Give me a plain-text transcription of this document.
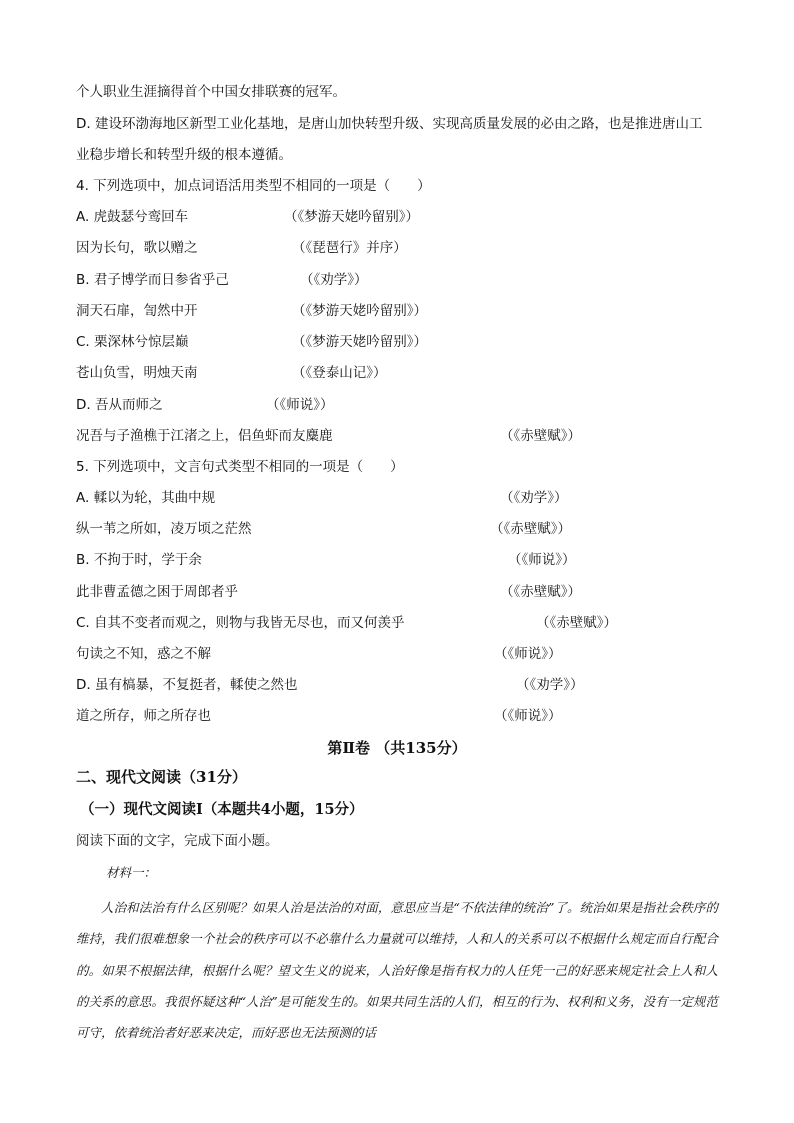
个人职业生涯摘得首个中国女排联赛的冠军。
D. 建设环渤海地区新型工业化基地，是唐山加快转型升级、实现高质量发展的必由之路，也是推进唐山工
业稳步增长和转型升级的根本遵循。
4. 下列选项中，加点词语活用类型不相同的一项是（　　）
A. 虎鼓瑟兮鸾回车	（《梦游天姥吟留别》）
因为长句，歌以赠之	（《琵琶行》并序）
B. 君子博学而日参省乎己	（《劝学》）
洞天石扉，訇然中开	（《梦游天姥吟留别》）
C. 栗深林兮惊层巅	（《梦游天姥吟留别》）
苍山负雪，明烛天南	（《登泰山记》）
D. 吾从而师之	（《师说》）
况吾与子渔樵于江渚之上，侣鱼虾而友麋鹿	（《赤壁赋》）
5. 下列选项中，文言句式类型不相同的一项是（　　）
A. 輮以为轮，其曲中规	（《劝学》）
纵一苇之所如，凌万顷之茫然	（《赤壁赋》）
B. 不拘于时，学于余	（《师说》）
此非曹孟德之困于周郎者乎	（《赤壁赋》）
C. 自其不变者而观之，则物与我皆无尽也，而又何羡乎	（《赤壁赋》）
句读之不知，惑之不解	（《师说》）
D. 虽有槁暴，不复挺者，輮使之然也	（《劝学》）
道之所存，师之所存也	（《师说》）
第Ⅱ卷 （共135分）
二、现代文阅读（31分）
（一）现代文阅读Ⅰ（本题共4小题，15分）
阅读下面的文字，完成下面小题。
材料一：
人治和法治有什么区别呢？如果人治是法治的对面，意思应当是“不依法律的统治”了。统治如果是指社会秩序的维持，我们很难想象一个社会的秩序可以不必靠什么力量就可以维持，人和人的关系可以不根据什么规定而自行配合的。如果不根据法律，根据什么呢？望文生义的说来，人治好像是指有权力的人任凭一己的好恶来规定社会上人和人的关系的意思。我很怀疑这种“人治”是可能发生的。如果共同生活的人们，相互的行为、权利和义务，没有一定规范可守，依着统治者好恶来决定，而好恶也无法预测的话
